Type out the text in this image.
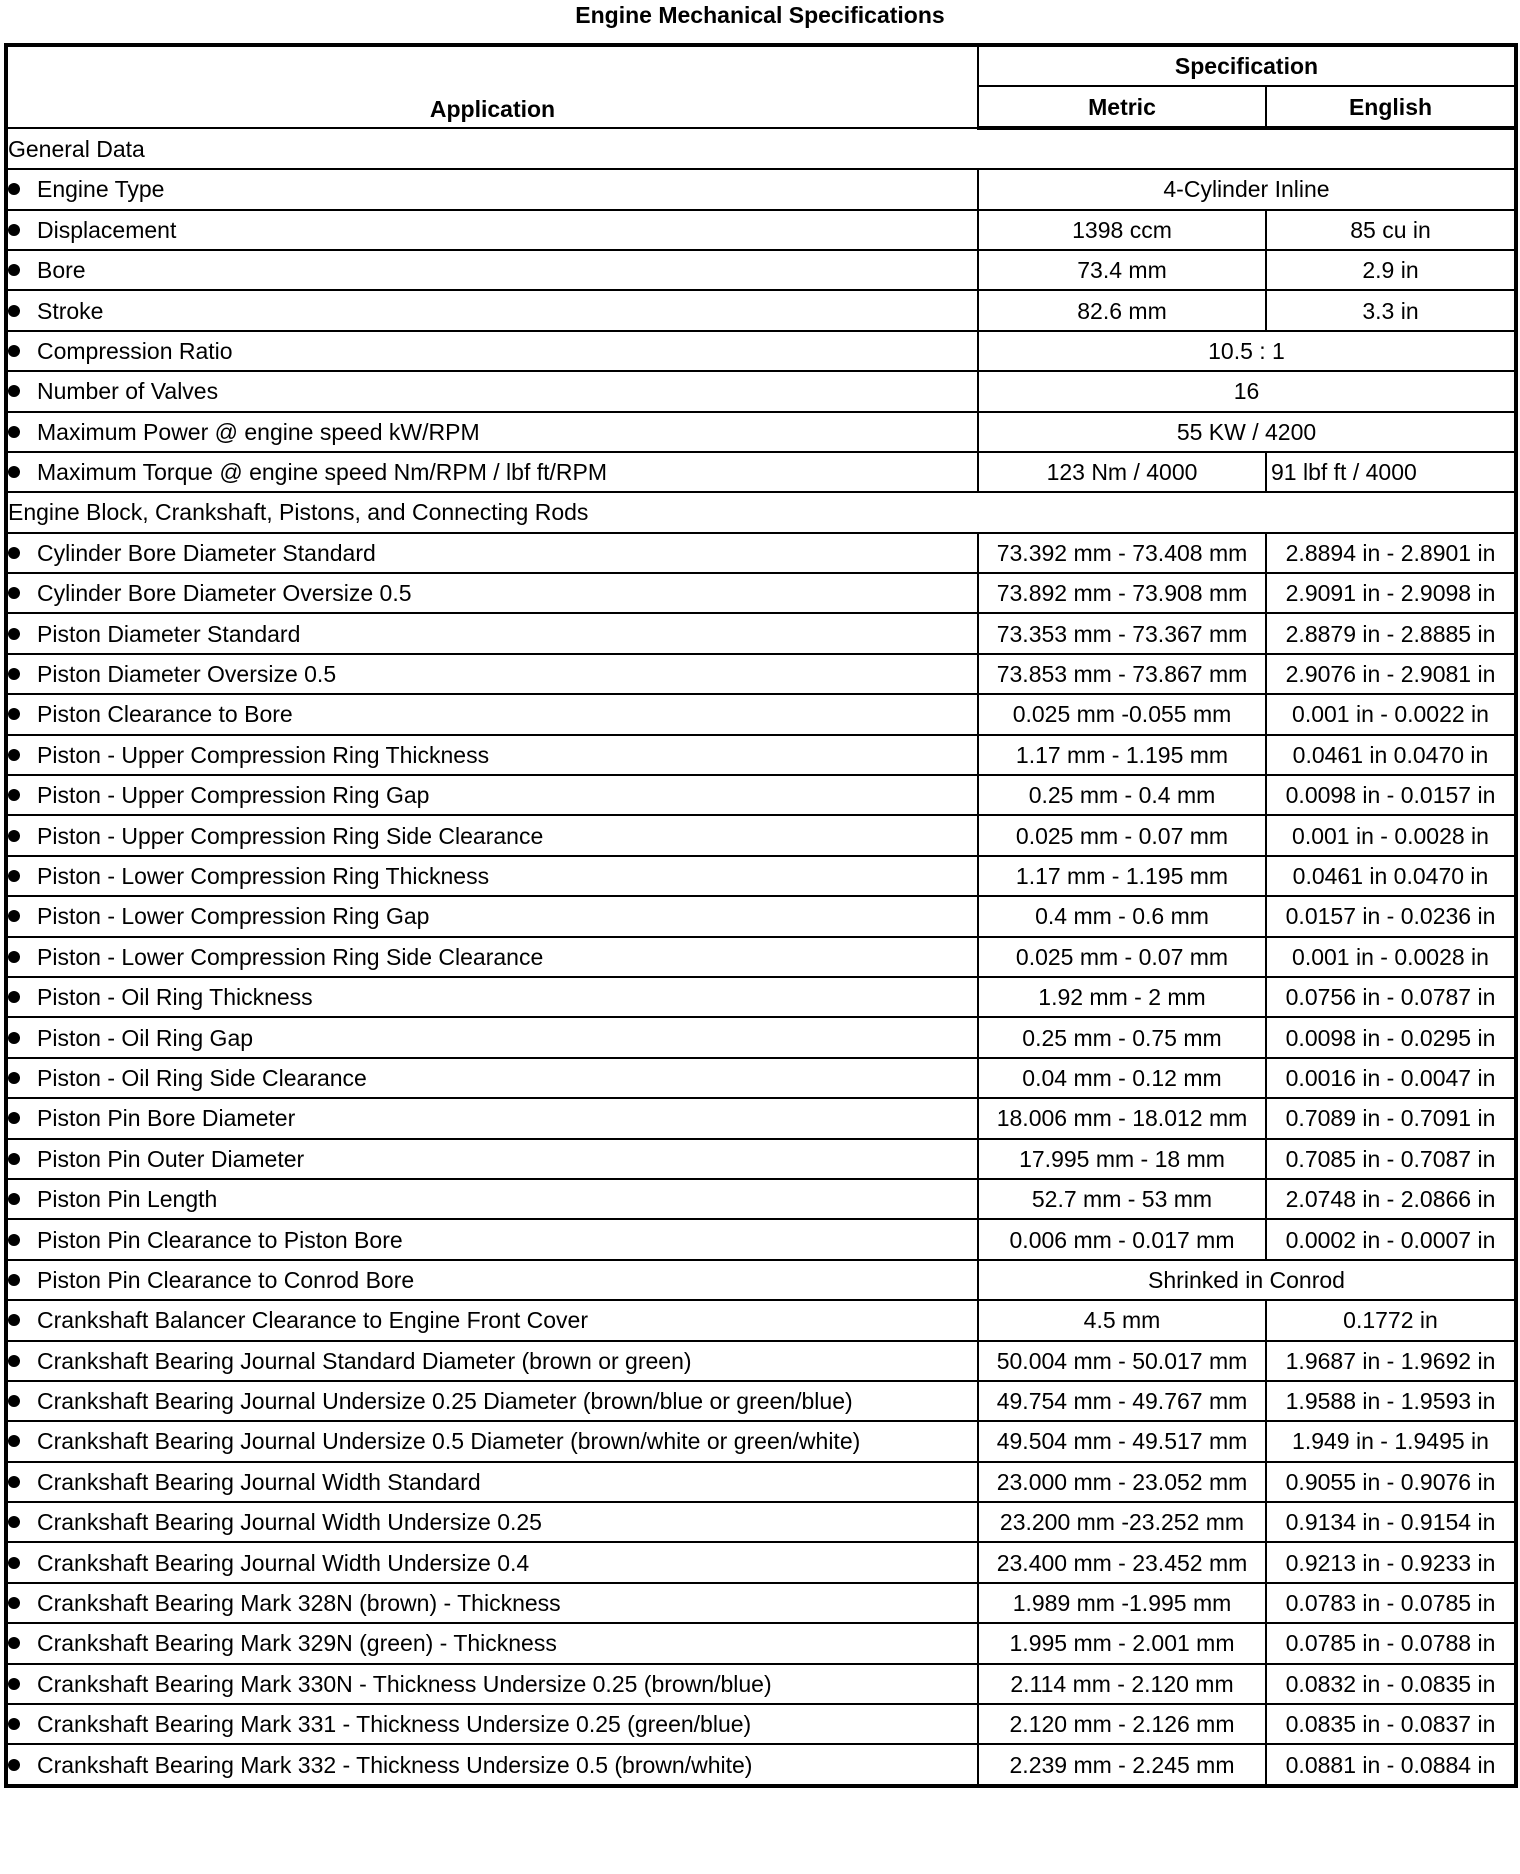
Engine Mechanical Specifications
Application	Specification	
	Metric	English
General Data		
Engine Type	4-Cylinder Inline	
Displacement	1398 ccm	85 cu in
Bore	73.4 mm	2.9 in
Stroke	82.6 mm	3.3 in
Compression Ratio	10.5 : 1	
Number of Valves	16	
Maximum Power @ engine speed kW/RPM	55 KW / 4200	
Maximum Torque @ engine speed Nm/RPM / lbf ft/RPM	123 Nm / 4000	91 lbf ft / 4000
Engine Block, Crankshaft, Pistons, and Connecting Rods		
Cylinder Bore Diameter Standard	73.392 mm - 73.408 mm	2.8894 in - 2.8901 in
Cylinder Bore Diameter Oversize 0.5	73.892 mm - 73.908 mm	2.9091 in - 2.9098 in
Piston Diameter Standard	73.353 mm - 73.367 mm	2.8879 in - 2.8885 in
Piston Diameter Oversize 0.5	73.853 mm - 73.867 mm	2.9076 in - 2.9081 in
Piston Clearance to Bore	0.025 mm -0.055 mm	0.001 in - 0.0022 in
Piston - Upper Compression Ring Thickness	1.17 mm - 1.195 mm	0.0461 in 0.0470 in
Piston - Upper Compression Ring Gap	0.25 mm - 0.4 mm	0.0098 in - 0.0157 in
Piston - Upper Compression Ring Side Clearance	0.025 mm - 0.07 mm	0.001 in - 0.0028 in
Piston - Lower Compression Ring Thickness	1.17 mm - 1.195 mm	0.0461 in 0.0470 in
Piston - Lower Compression Ring Gap	0.4 mm - 0.6 mm	0.0157 in - 0.0236 in
Piston - Lower Compression Ring Side Clearance	0.025 mm - 0.07 mm	0.001 in - 0.0028 in
Piston - Oil Ring Thickness	1.92 mm - 2 mm	0.0756 in - 0.0787 in
Piston - Oil Ring Gap	0.25 mm - 0.75 mm	0.0098 in - 0.0295 in
Piston - Oil Ring Side Clearance	0.04 mm - 0.12 mm	0.0016 in - 0.0047 in
Piston Pin Bore Diameter	18.006 mm - 18.012 mm	0.7089 in - 0.7091 in
Piston Pin Outer Diameter	17.995 mm - 18 mm	0.7085 in - 0.7087 in
Piston Pin Length	52.7 mm - 53 mm	2.0748 in - 2.0866 in
Piston Pin Clearance to Piston Bore	0.006 mm - 0.017 mm	0.0002 in - 0.0007 in
Piston Pin Clearance to Conrod Bore	Shrinked in Conrod	
Crankshaft Balancer Clearance to Engine Front Cover	4.5 mm	0.1772 in
Crankshaft Bearing Journal Standard Diameter (brown or green)	50.004 mm - 50.017 mm	1.9687 in - 1.9692 in
Crankshaft Bearing Journal Undersize 0.25 Diameter (brown/blue or green/blue)	49.754 mm - 49.767 mm	1.9588 in - 1.9593 in
Crankshaft Bearing Journal Undersize 0.5 Diameter (brown/white or green/white)	49.504 mm - 49.517 mm	1.949 in - 1.9495 in
Crankshaft Bearing Journal Width Standard	23.000 mm - 23.052 mm	0.9055 in - 0.9076 in
Crankshaft Bearing Journal Width Undersize 0.25	23.200 mm -23.252 mm	0.9134 in - 0.9154 in
Crankshaft Bearing Journal Width Undersize 0.4	23.400 mm - 23.452 mm	0.9213 in - 0.9233 in
Crankshaft Bearing Mark 328N (brown) - Thickness	1.989 mm -1.995 mm	0.0783 in - 0.0785 in
Crankshaft Bearing Mark 329N (green) - Thickness	1.995 mm - 2.001 mm	0.0785 in - 0.0788 in
Crankshaft Bearing Mark 330N - Thickness Undersize 0.25 (brown/blue)	2.114 mm - 2.120 mm	0.0832 in - 0.0835 in
Crankshaft Bearing Mark 331 - Thickness Undersize 0.25 (green/blue)	2.120 mm - 2.126 mm	0.0835 in - 0.0837 in
Crankshaft Bearing Mark 332 - Thickness Undersize 0.5 (brown/white)	2.239 mm - 2.245 mm	0.0881 in - 0.0884 in
